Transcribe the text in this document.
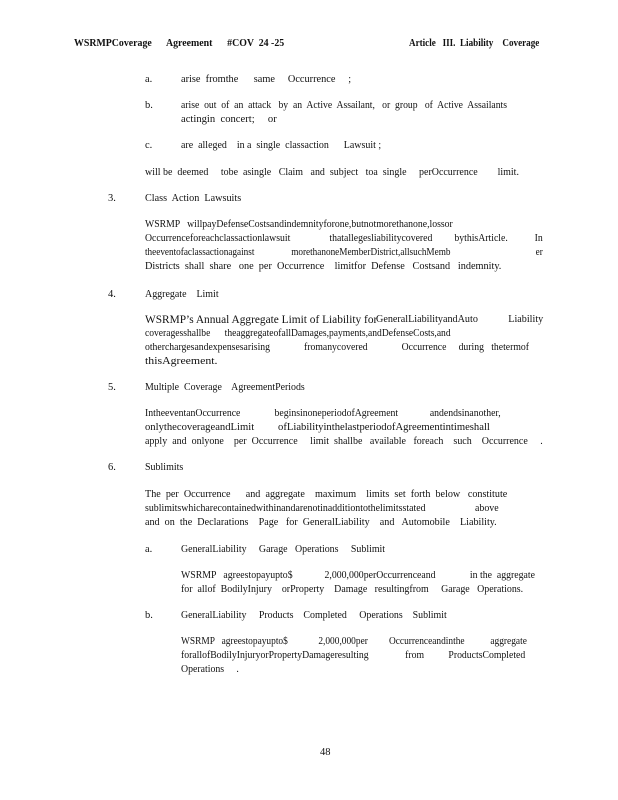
WSRMPCoverage      Agreement      #COV  24 -25	Article   III.  Liability    Coverage

a.	arise  fromthe      same     Occurrence     ;

b.	arise  out  of  an  attack   by  an  Active  Assailant,   or  group   of  Active  Assailants

actingin  concert;     or

c.	are  alleged    in a  single  classaction      Lawsuit ;

will be  deemed     tobe  asingle   Claim   and  subject   toa  single     perOccurrence        limit.

3.	Class  Action  Lawsuits

WSRMP   willpayDefenseCostsandindemnityforone,butnotmorethanone,lossor

Occurrenceforeachclassactionlawsuit                thatallegesliabilitycovered         bythisArticle.           In

theeventofaclassactionagainst                morethanoneMemberDistrict,allsuchMemb                                     er

Districts  shall  share   one  per  Occurrence    limitfor  Defense   Costsand   indemnity.

4.	Aggregate    Limit

WSRMP’s Annual Aggregate Limit of Liability for

GeneralLiabilityandAuto            Liability

coveragesshallbe      theaggregateofallDamages,payments,andDefenseCosts,and

otherchargesandexpensesarising              fromanycovered              Occurrence     during   thetermof

thisAgreement.

5.	Multiple  Coverage    AgreementPeriods

IntheeventanOccurrence              beginsinoneperiodofAgreement             andendsinanother,

onlythecoverageandLimit         ofLiabilityinthelastperiodofAgreementintimeshall

apply  and  onlyone    per  Occurrence     limit  shallbe   available   foreach    such    Occurrence     .

6.	Sublimits

The  per  Occurrence      and  aggregate    maximum    limits  set  forth  below   constitute

sublimitswhicharecontainedwithinandarenotinadditiontothelimitsstated                    above

and  on  the  Declarations    Page   for  GeneralLiability    and   Automobile    Liability.

a.	GeneralLiability     Garage   Operations     Sublimit

WSRMP   agreestopayupto$             2,000,000perOccurrenceand              in the  aggregate

for  allof  BodilyInjury    orProperty    Damage   resultingfrom     Garage   Operations.

b.	GeneralLiability     Products    Completed     Operations    Sublimit

WSRMP   agreestopayupto$             2,000,000per         Occurrenceandinthe           aggregate

forallofBodilyInjuryorPropertyDamageresulting               from          ProductsCompleted

Operations     .

48
